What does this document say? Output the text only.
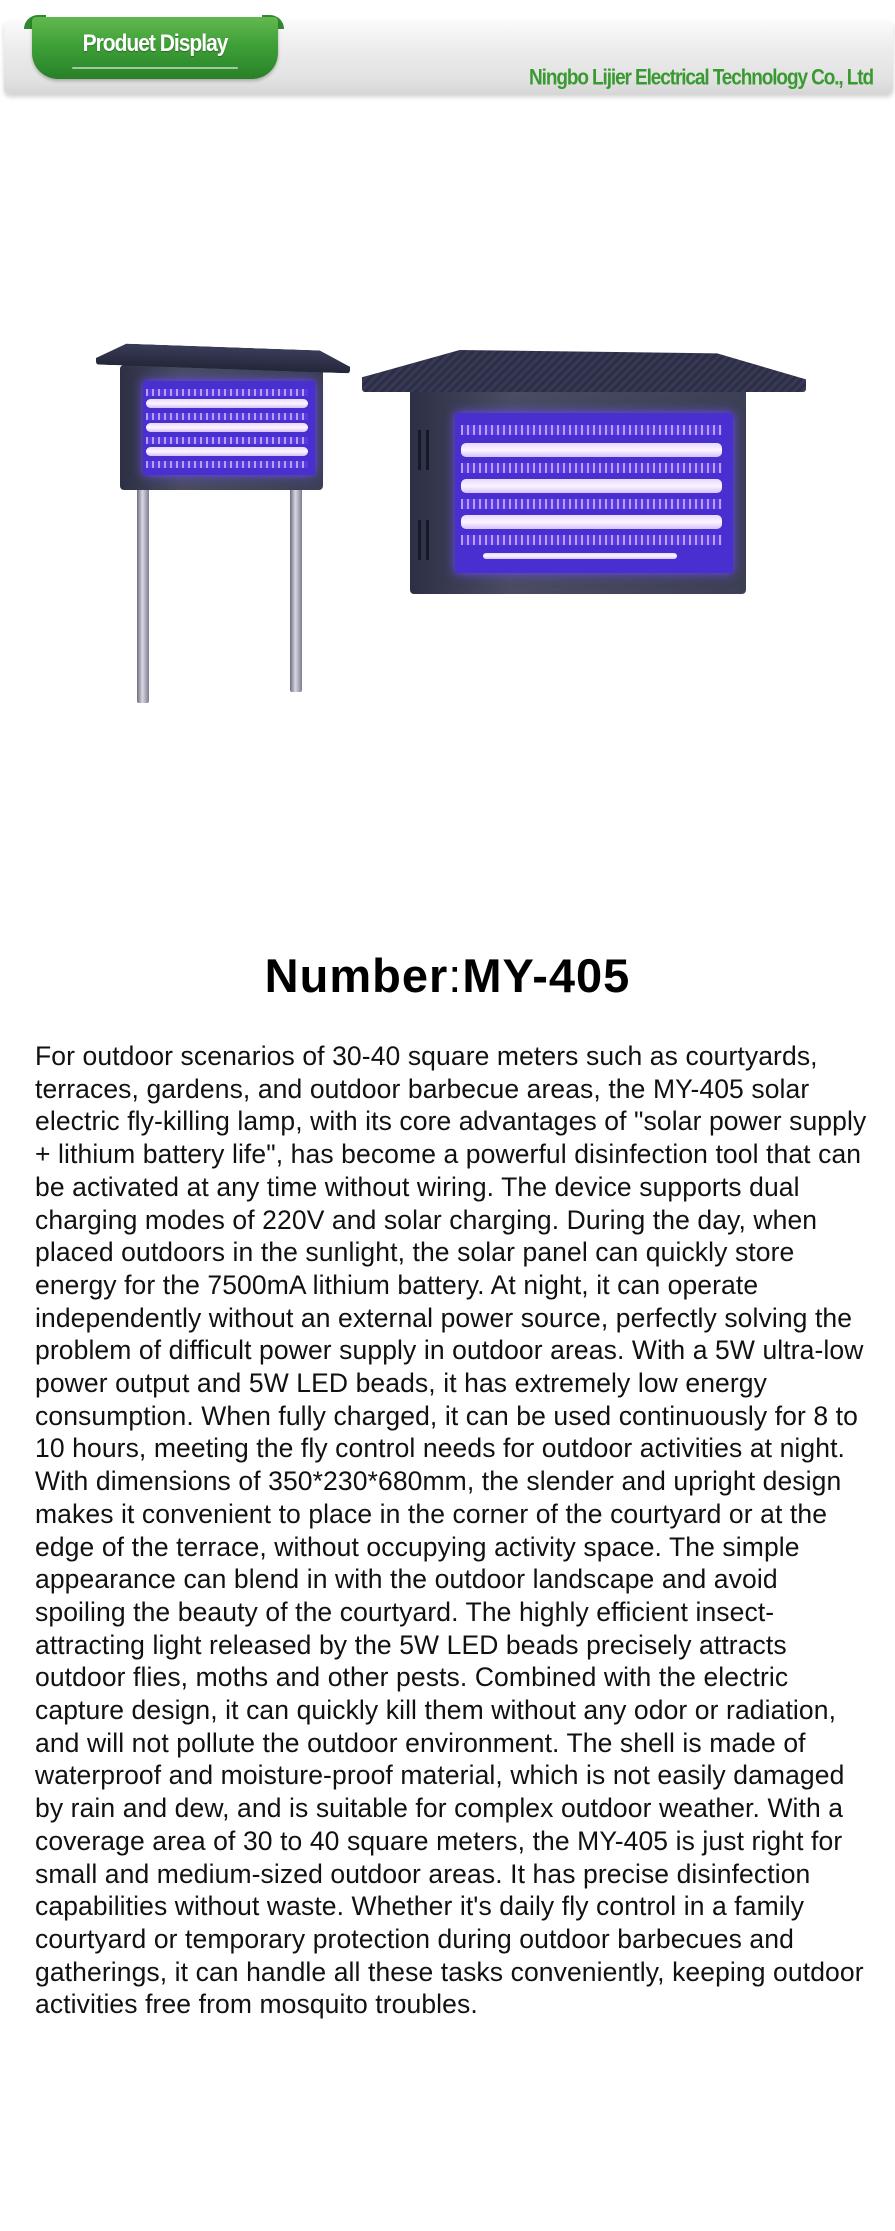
Ningbo Lijier Electrical Technology Co., Ltd
Produet Display
Number:MY-405

For outdoor scenarios of 30-40 square meters such as courtyards, terraces, gardens, and outdoor barbecue areas, the MY-405 solar electric fly-killing lamp, with its core advantages of "solar power supply + lithium battery life", has become a powerful disinfection tool that can be activated at any time without wiring. The device supports dual charging modes of 220V and solar charging. During the day, when placed outdoors in the sunlight, the solar panel can quickly store energy for the 7500mA lithium battery. At night, it can operate independently without an external power source, perfectly solving the problem of difficult power supply in outdoor areas. With a 5W ultra-low power output and 5W LED beads, it has extremely low energy consumption. When fully charged, it can be used continuously for 8 to 10 hours, meeting the fly control needs for outdoor activities at night.

With dimensions of 350*230*680mm, the slender and upright design makes it convenient to place in the corner of the courtyard or at the edge of the terrace, without occupying activity space. The simple appearance can blend in with the outdoor landscape and avoid spoiling the beauty of the courtyard. The highly efficient insect-attracting light released by the 5W LED beads precisely attracts outdoor flies, moths and other pests. Combined with the electric capture design, it can quickly kill them without any odor or radiation, and will not pollute the outdoor environment. The shell is made of waterproof and moisture-proof material, which is not easily damaged by rain and dew, and is suitable for complex outdoor weather. With a coverage area of 30 to 40 square meters, the MY-405 is just right for small and medium-sized outdoor areas. It has precise disinfection capabilities without waste. Whether it's daily fly control in a family courtyard or temporary protection during outdoor barbecues and gatherings, it can handle all these tasks conveniently, keeping outdoor activities free from mosquito troubles.
